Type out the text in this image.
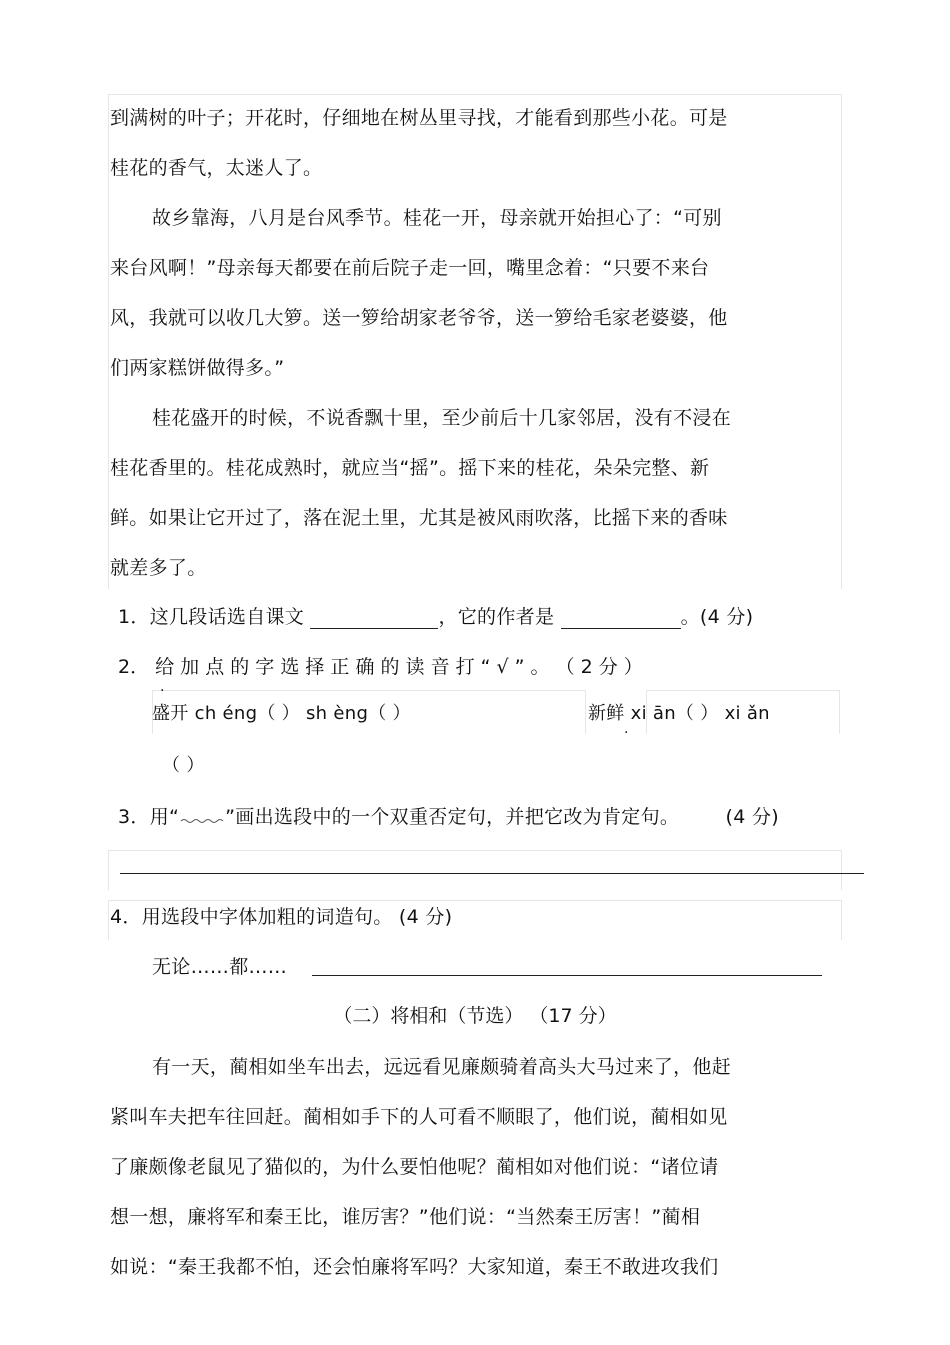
到满树的叶子；开花时，仔细地在树丛里寻找，才能看到那些小花。可是
桂花的香气，太迷人了。
故乡靠海，八月是台风季节。桂花一开，母亲就开始担心了：“可别
来台风啊！”母亲每天都要在前后院子走一回，嘴里念着：“只要不来台
风，我就可以收几大箩。送一箩给胡家老爷爷，送一箩给毛家老婆婆，他
们两家糕饼做得多。”
桂花盛开的时候，不说香飘十里，至少前后十几家邻居，没有不浸在
桂花香里的。桂花成熟时，就应当“摇”。摇下来的桂花，朵朵完整、新
鲜。如果让它开过了，落在泥土里，尤其是被风雨吹落，比摇下来的香味
就差多了。
1．这几段话选自课文	，它的作者是	。(4 分)
2． 给 加 点 的 字 选 择 正 确 的 读 音 打 “ √ ” 。 （ 2 分 ）
·
盛开 ch éng（ ） sh èng（ ）	新鲜 xi ān（ ） xi ǎn
·
（ ）
3．用“ ”画出选段中的一个双重否定句，并把它改为肯定句。 (4 分)
4．用选段中字体加粗的词造句。 (4 分)
无论……都……
（二）将相和（节选） （17 分）
有一天，蔺相如坐车出去，远远看见廉颇骑着高头大马过来了，他赶
紧叫车夫把车往回赶。蔺相如手下的人可看不顺眼了，他们说，蔺相如见
了廉颇像老鼠见了猫似的，为什么要怕他呢？蔺相如对他们说：“诸位请
想一想，廉将军和秦王比，谁厉害？”他们说：“当然秦王厉害！”蔺相
如说：“秦王我都不怕，还会怕廉将军吗？大家知道，秦王不敢进攻我们
